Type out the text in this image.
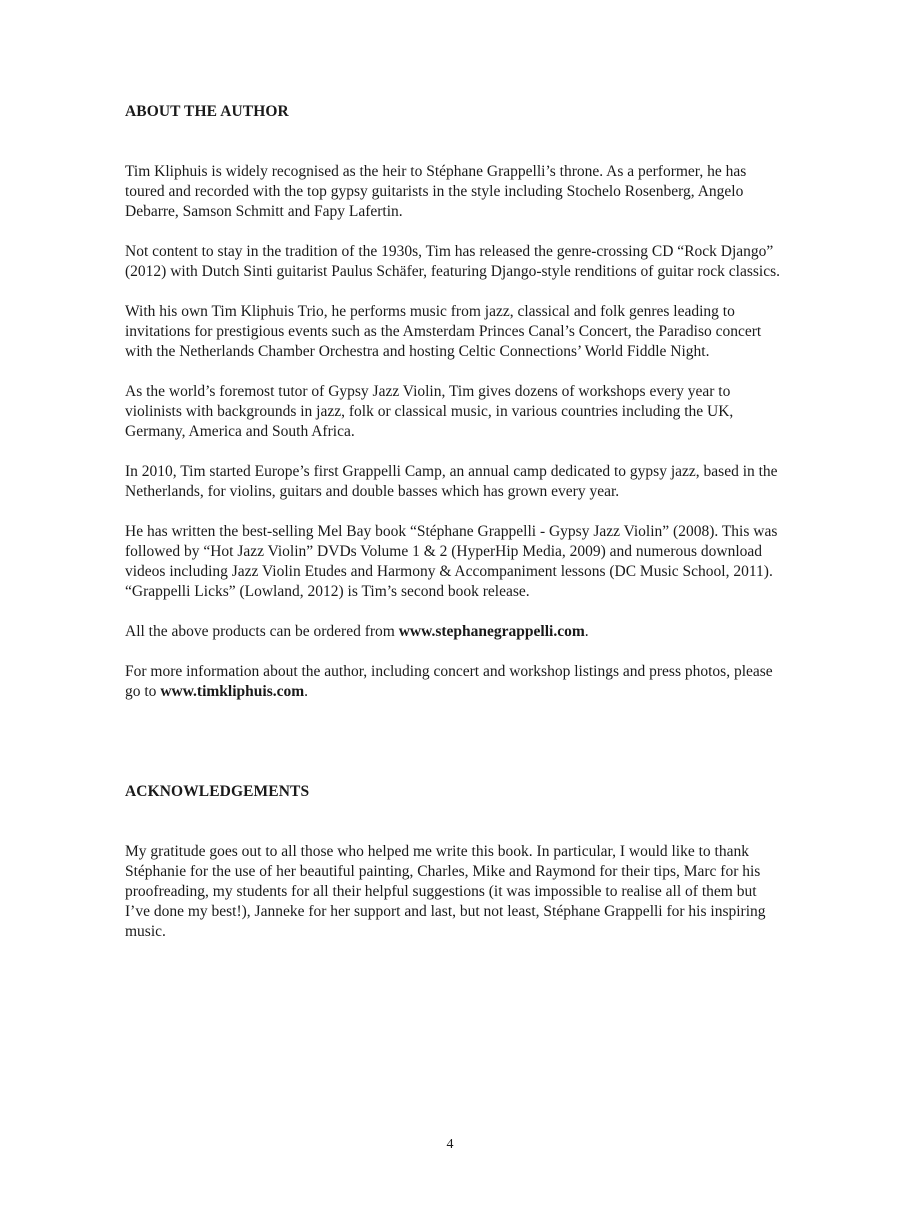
ABOUT THE AUTHOR

Tim Kliphuis is widely recognised as the heir to Stéphane Grappelli’s throne. As a performer, he has toured and recorded with the top gypsy guitarists in the style including Stochelo Rosenberg, Angelo Debarre, Samson Schmitt and Fapy Lafertin.

Not content to stay in the tradition of the 1930s, Tim has released the genre-crossing CD “Rock Django” (2012) with Dutch Sinti guitarist Paulus Schäfer, featuring Django-style renditions of guitar rock classics.

With his own Tim Kliphuis Trio, he performs music from jazz, classical and folk genres leading to invitations for prestigious events such as the Amsterdam Princes Canal’s Concert, the Paradiso concert with the Netherlands Chamber Orchestra and hosting Celtic Connections’ World Fiddle Night.

As the world’s foremost tutor of Gypsy Jazz Violin, Tim gives dozens of workshops every year to violinists with backgrounds in jazz, folk or classical music, in various countries including the UK, Germany, America and South Africa.

In 2010, Tim started Europe’s first Grappelli Camp, an annual camp dedicated to gypsy jazz, based in the Netherlands, for violins, guitars and double basses which has grown every year.

He has written the best-selling Mel Bay book “Stéphane Grappelli - Gypsy Jazz Violin” (2008). This was followed by “Hot Jazz Violin” DVDs Volume 1 & 2 (HyperHip Media, 2009) and numerous download videos including Jazz Violin Etudes and Harmony & Accompaniment lessons (DC Music School, 2011). “Grappelli Licks” (Lowland, 2012) is Tim’s second book release.

All the above products can be ordered from www.stephanegrappelli.com.

For more information about the author, including concert and workshop listings and press photos, please go to www.timkliphuis.com.

ACKNOWLEDGEMENTS

My gratitude goes out to all those who helped me write this book. In particular, I would like to thank Stéphanie for the use of her beautiful painting, Charles, Mike and Raymond for their tips, Marc for his proofreading, my students for all their helpful suggestions (it was impossible to realise all of them but I’ve done my best!), Janneke for her support and last, but not least, Stéphane Grappelli for his inspiring music.

4
